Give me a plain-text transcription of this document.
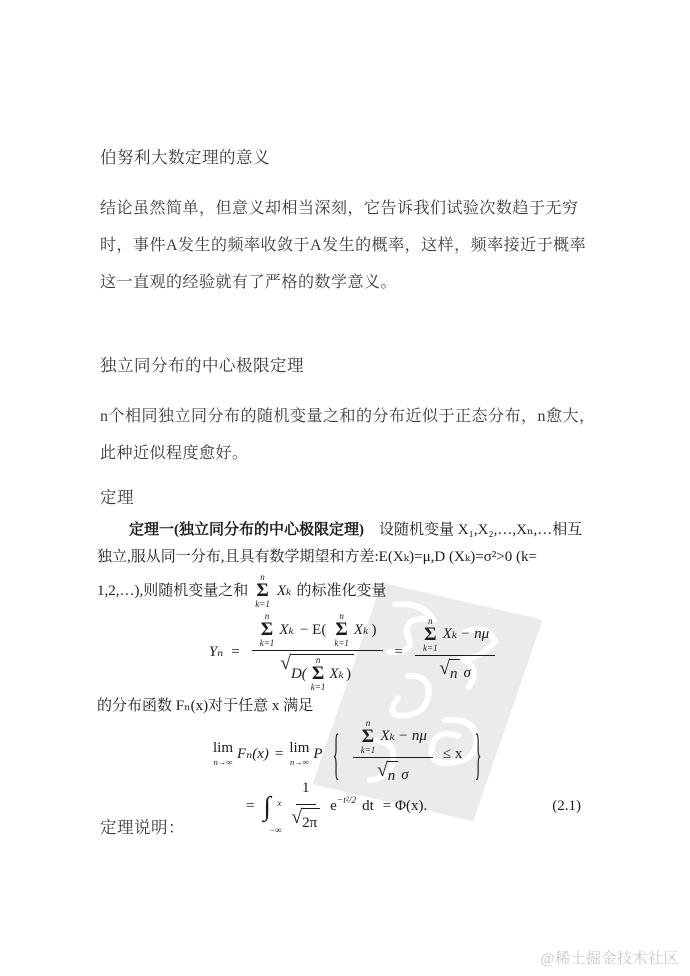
伯努利大数定理的意义
结论虽然简单，但意义却相当深刻，它告诉我们试验次数趋于无穷
时，事件A发生的频率收敛于A发生的概率，这样，频率接近于概率
这一直观的经验就有了严格的数学意义。
独立同分布的中心极限定理
n个相同独立同分布的随机变量之和的分布近似于正态分布，n愈大，
此种近似程度愈好。
定理
定理一(独立同分布的中心极限定理)　设随机变量 X₁,X₂,…,Xₙ,…相互
独立,服从同一分布,且具有数学期望和方差:E(Xₖ)=μ,D (Xₖ)=σ²>0 (k=
1,2,…),则随机变量之和
n
Σ
k=1
Xₖ 的标准化变量
Yₙ =
n
Σ
k=1
Xₖ − E(
n
Σ
k=1
Xₖ )
√ D(
n
Σ
k=1
Xₖ )
=
n
Σ
k=1
Xₖ − nμ
√ n σ
的分布函数 Fₙ(x)对于任意 x 满足
lim
n→∞
Fₙ(x) = lim
n→∞
P {
n
Σ
k=1
Xₖ − nμ
√ n σ
≤ x }
= ∫ x
−∞ $\frac{1}{√ 2\pi} e^{-t^2/2}$ dt = Φ(x).	(2.1)
定理说明：
@稀土掘金技术社区
